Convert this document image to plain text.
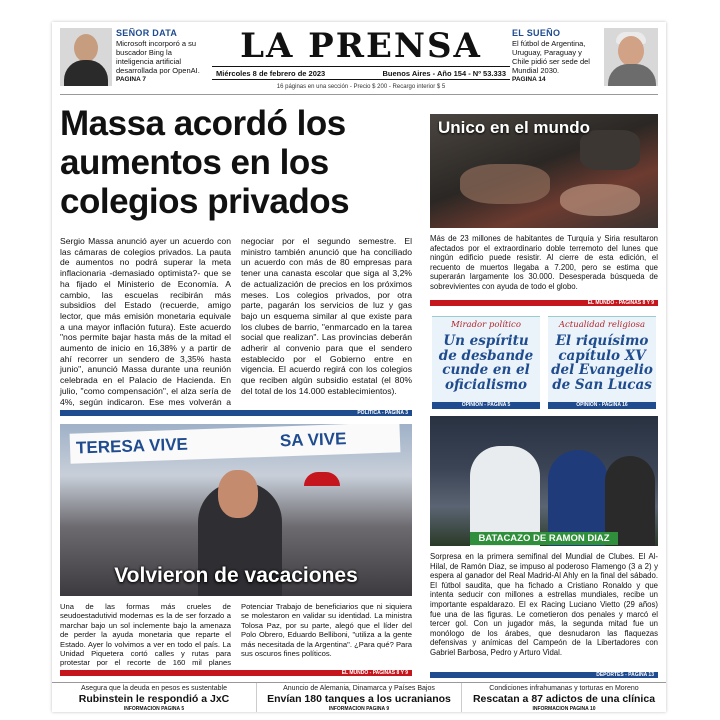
SEÑOR DATA
Microsoft incorporó a su buscador Bing la inteligencia artificial desarrollada por OpenAI.
PAGINA 7
LA PRENSA
Miércoles 8 de febrero de 2023	Buenos Aires - Año 154 - Nº 53.333
16 páginas en una sección - Precio $ 200 - Recargo interior $ 5
EL SUEÑO
El fútbol de Argentina, Uruguay, Paraguay y Chile pidió ser sede del Mundial 2030.
PAGINA 14
Massa acordó los aumentos en los colegios privados

Sergio Massa anunció ayer un acuerdo con las cámaras de colegios privados. La pauta de aumentos no podrá superar la meta inflacionaria -demasiado optimista?- que se ha fijado el Ministerio de Economía. A cambio, las escuelas recibirán más subsidios del Estado (recuerde, amigo lector, que más emisión monetaria equivale a una mayor inflación futura). Este acuerdo "nos permite bajar hasta más de la mitad el aumento de inicio en 16,38% y a partir de ahí recorrer un sendero de 3,35% hasta junio", anunció Massa durante una reunión celebrada en el Palacio de Hacienda. En julio, "como compensación", el alza sería de 4%, según indicaron. Ese mes volverán a negociar por el segundo semestre. El ministro también anunció que ha conciliado un acuerdo con más de 80 empresas para tener una canasta escolar que siga al 3,2% de actualización de precios en los próximos meses. Los colegios privados, por otra parte, pagarán los servicios de luz y gas bajo un esquema similar al que existe para los clubes de barrio, "enmarcado en la tarea social que realizan". Las provincias deberán adherir al convenio para que el sendero establecido por el Gobierno entre en vigencia. El acuerdo regirá con los colegios que reciben algún subsidio estatal (el 80% del total de los 14.000 establecimientos).

POLITICA - PAGINA 3
Unico en el mundo
Más de 23 millones de habitantes de Turquía y Siria resultaron afectados por el extraordinario doble terremoto del lunes que ningún edificio puede resistir. Al cierre de esta edición, el recuento de muertos llegaba a 7.200, pero se estima que superarán largamente los 30.000. Desesperada búsqueda de sobrevivientes con ayuda de todo el globo.
EL MUNDO - PAGINAS 8 Y 9
Mirador político
Un espíritu de desbande cunde en el oficialismo
OPINION - PAGINA 5
Actualidad religiosa
El riquísimo capítulo XV del Evangelio de San Lucas
OPINION - PAGINA 16
TERESA VIVE	SA VIVE
Volvieron de vacaciones
Una de las formas más crueles de seudoestadutivid modernas es la de ser forzado a marchar bajo un sol inclemente bajo la amenaza de perder la ayuda monetaria que reparte el Estado. Ayer lo volvimos a ver en todo el país. La Unidad Piquetera cortó calles y rutas para protestar por el recorte de 160 mil planes Potenciar Trabajo de beneficiarios que ni siquiera se molestaron en validar su identidad. La ministra Tolosa Paz, por su parte, alegó que el líder del Polo Obrero, Eduardo Belliboni, "utiliza a la gente más necesitada de la Argentina". ¿Para qué? Para sus oscuros fines políticos.
EL MUNDO - PAGINAS 8 Y 9
BATACAZO DE RAMON DIAZ
Sorpresa en la primera semifinal del Mundial de Clubes. El Al-Hilal, de Ramón Díaz, se impuso al poderoso Flamengo (3 a 2) y espera al ganador del Real Madrid-Al Ahly en la final del sábado. El fútbol saudita, que ha fichado a Cristiano Ronaldo y que intenta seducir con millones a estrellas mundiales, recibe un importante espaldarazo. El ex Racing Luciano Vietto (29 años) fue una de las figuras. Le cometieron dos penales y marcó el tercer gol. Con un jugador más, la segunda mitad fue un monólogo de los árabes, que desnudaron las flaquezas defensivas y anímicas del Campeón de la Libertadores con Gabriel Barbosa, Pedro y Arturo Vidal.
DEPORTES - PAGINA 13
Asegura que la deuda en pesos es sustentable
Rubinstein le respondió a JxC
INFORMACION PAGINA 5
Anuncio de Alemania, Dinamarca y Países Bajos
Envían 180 tanques a los ucranianos
INFORMACION PAGINA 9
Condiciones infrahumanas y torturas en Moreno
Rescatan a 87 adictos de una clínica
INFORMACION PAGINA 10
